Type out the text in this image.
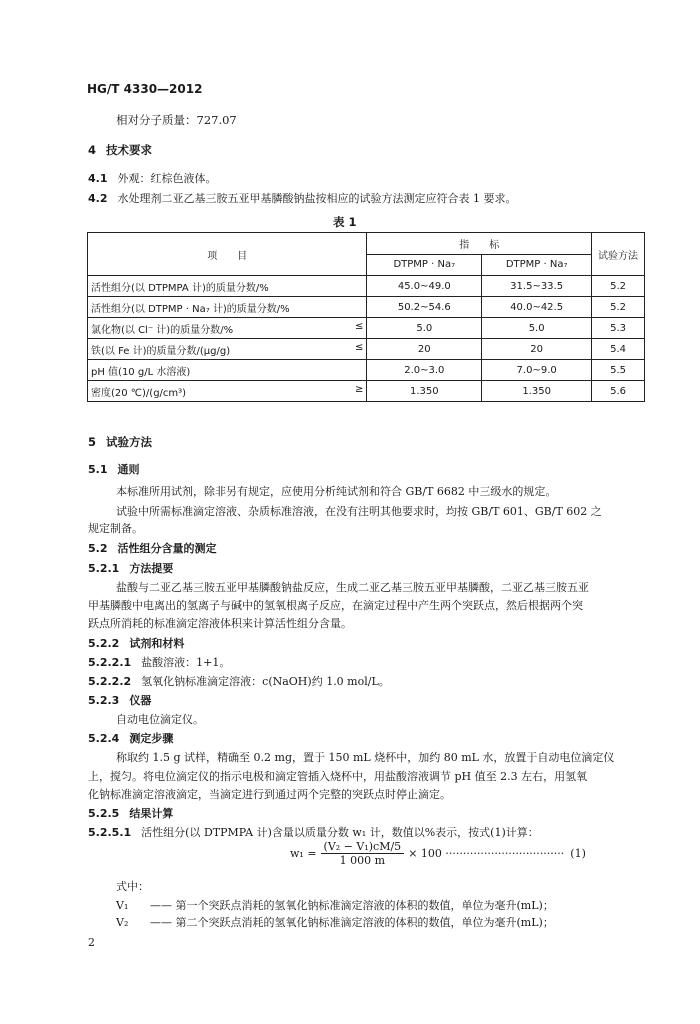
HG/T 4330—2012
相对分子质量：727.07
4 技术要求
4.1 外观：红棕色液体。
4.2 水处理剂二亚乙基三胺五亚甲基膦酸钠盐按相应的试验方法测定应符合表 1 要求。
表 1
项　　目	指　　标		试验方法
	DTPMP · Na₇	DTPMP · Na₇	
活性组分(以 DTPMPA 计)的质量分数/%	45.0~49.0	31.5~33.5	5.2
活性组分(以 DTPMP · Na₇ 计)的质量分数/%	50.2~54.6	40.0~42.5	5.2
氯化物(以 Cl⁻ 计)的质量分数/% ≤	5.0	5.0	5.3
铁(以 Fe 计)的质量分数/(μg/g) ≤	20	20	5.4
pH 值(10 g/L 水溶液)	2.0~3.0	7.0~9.0	5.5
密度(20 ℃)/(g/cm³) ≥	1.350	1.350	5.6
5 试验方法
5.1 通则
本标准所用试剂，除非另有规定，应使用分析纯试剂和符合 GB/T 6682 中三级水的规定。
试验中所需标准滴定溶液、杂质标准溶液，在没有注明其他要求时，均按 GB/T 601、GB/T 602 之
规定制备。
5.2 活性组分含量的测定
5.2.1 方法提要
盐酸与二亚乙基三胺五亚甲基膦酸钠盐反应，生成二亚乙基三胺五亚甲基膦酸，二亚乙基三胺五亚
甲基膦酸中电离出的氢离子与碱中的氢氧根离子反应，在滴定过程中产生两个突跃点，然后根据两个突
跃点所消耗的标准滴定溶液体积来计算活性组分含量。
5.2.2 试剂和材料
5.2.2.1 盐酸溶液：1+1。
5.2.2.2 氢氧化钠标准滴定溶液：c(NaOH)约 1.0 mol/L。
5.2.3 仪器
自动电位滴定仪。
5.2.4 测定步骤
称取约 1.5 g 试样，精确至 0.2 mg，置于 150 mL 烧杯中，加约 80 mL 水，放置于自动电位滴定仪
上，搅匀。将电位滴定仪的指示电极和滴定管插入烧杯中，用盐酸溶液调节 pH 值至 2.3 左右，用氢氧
化钠标准滴定溶液滴定，当滴定进行到通过两个完整的突跃点时停止滴定。
5.2.5 结果计算
5.2.5.1 活性组分(以 DTPMPA 计)含量以质量分数 w₁ 计，数值以%表示，按式(1)计算：
$w_1 = \frac{\text{(V₂ − V₁)cM/5}}{1 000 m} \times 100$ ·································· (1)
式中：
V₁ —— 第一个突跃点消耗的氢氧化钠标准滴定溶液的体积的数值，单位为毫升(mL)；
V₂ —— 第二个突跃点消耗的氢氧化钠标准滴定溶液的体积的数值，单位为毫升(mL)；
2
